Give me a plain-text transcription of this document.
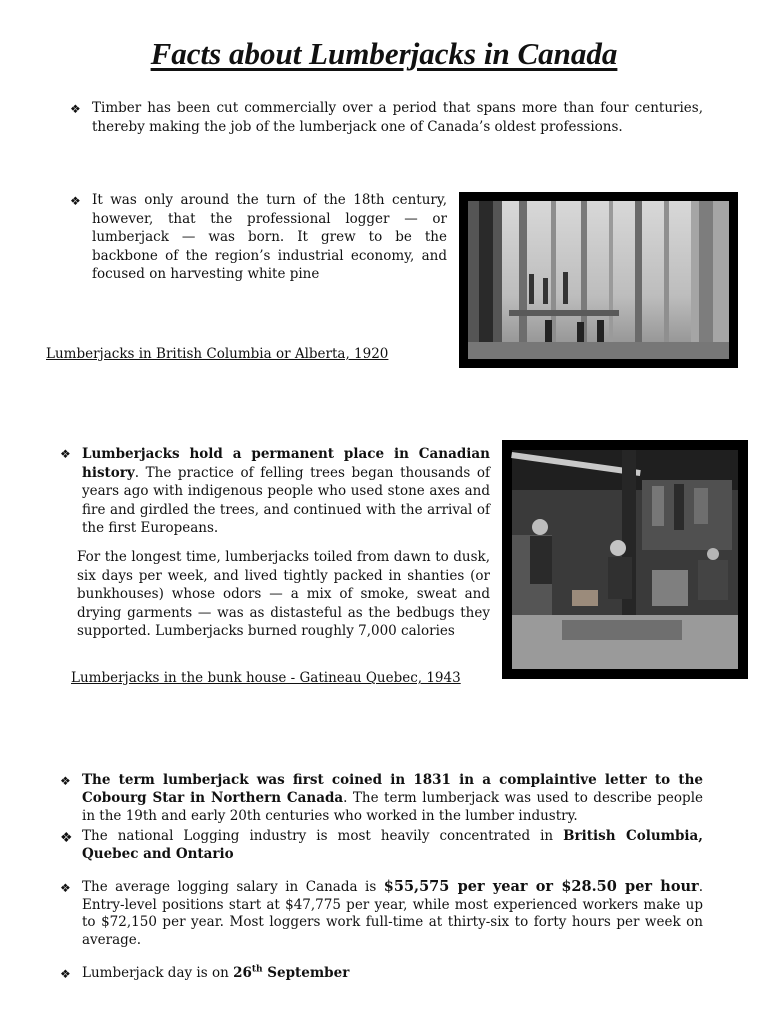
Facts about Lumberjacks in Canada
❖ Timber has been cut commercially over a period that spans more than four centuries, thereby making the job of the lumberjack one of Canada’s oldest professions.
❖ It was only around the turn of the 18th century, however, that the professional logger — or lumberjack — was born. It grew to be the backbone of the region’s industrial economy, and focused on harvesting white pine
Lumberjacks in British Columbia or Alberta, 1920
❖ Lumberjacks hold a permanent place in Canadian history. The practice of felling trees began thousands of years ago with indigenous people who used stone axes and fire and girdled the trees, and continued with the arrival of the first Europeans.
For the longest time, lumberjacks toiled from dawn to dusk, six days per week, and lived tightly packed in shanties (or bunkhouses) whose odors — a mix of smoke, sweat and drying garments — was as distasteful as the bedbugs they supported. Lumberjacks burned roughly 7,000 calories
Lumberjacks in the bunk house - Gatineau Quebec, 1943
❖ The term lumberjack was first coined in 1831 in a complaintive letter to the Cobourg Star in Northern Canada. The term lumberjack was used to describe people in the 19th and early 20th centuries who worked in the lumber industry.
❖ The national Logging industry is most heavily concentrated in British Columbia, Quebec and Ontario
❖ The average logging salary in Canada is $55,575 per year or $28.50 per hour. Entry-level positions start at $47,775 per year, while most experienced workers make up to $72,150 per year. Most loggers work full-time at thirty-six to forty hours per week on average.
❖ Lumberjack day is on 26th September
